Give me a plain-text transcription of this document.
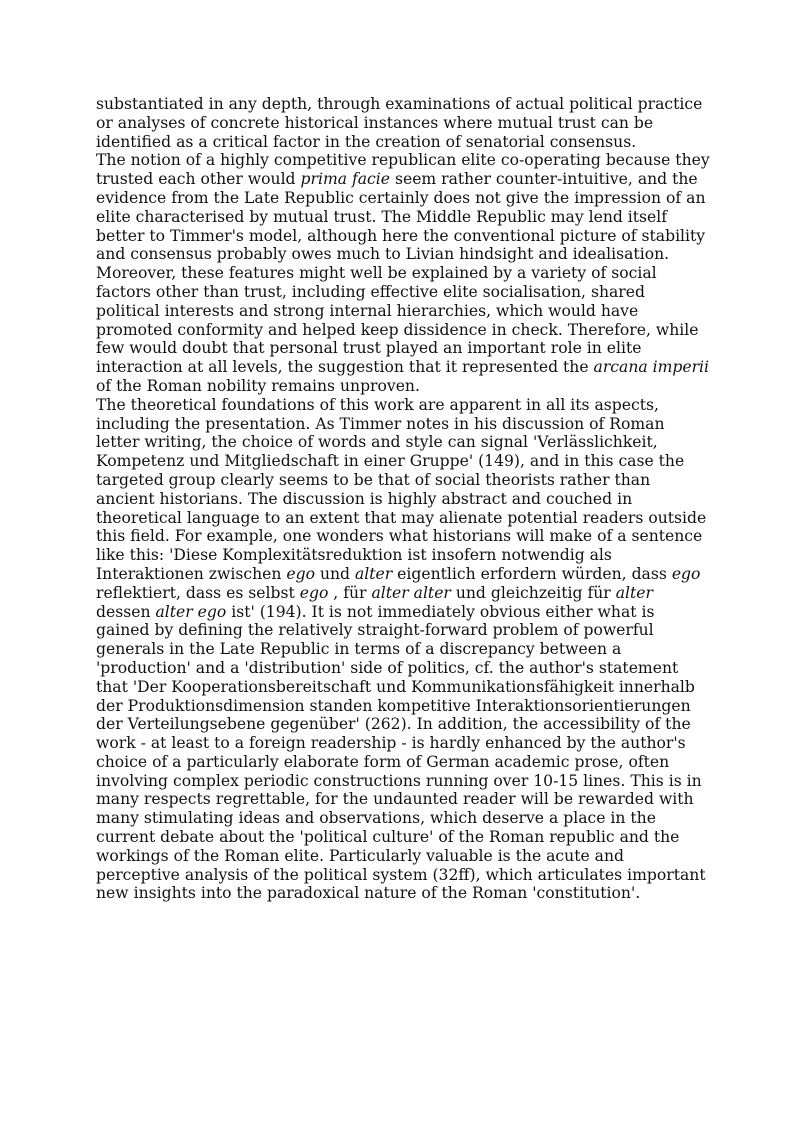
substantiated in any depth, through examinations of actual political practice or analyses of concrete historical instances where mutual trust can be identified as a critical factor in the creation of senatorial consensus.

The notion of a highly competitive republican elite co-operating because they trusted each other would prima facie seem rather counter-intuitive, and the evidence from the Late Republic certainly does not give the impression of an elite characterised by mutual trust. The Middle Republic may lend itself better to Timmer's model, although here the conventional picture of stability and consensus probably owes much to Livian hindsight and idealisation. Moreover, these features might well be explained by a variety of social factors other than trust, including effective elite socialisation, shared political interests and strong internal hierarchies, which would have promoted conformity and helped keep dissidence in check. Therefore, while few would doubt that personal trust played an important role in elite interaction at all levels, the suggestion that it represented the arcana imperii of the Roman nobility remains unproven.

The theoretical foundations of this work are apparent in all its aspects, including the presentation. As Timmer notes in his discussion of Roman letter writing, the choice of words and style can signal 'Verlässlichkeit, Kompetenz und Mitgliedschaft in einer Gruppe' (149), and in this case the targeted group clearly seems to be that of social theorists rather than ancient historians. The discussion is highly abstract and couched in theoretical language to an extent that may alienate potential readers outside this field. For example, one wonders what historians will make of a sentence like this: 'Diese Komplexitätsreduktion ist insofern notwendig als Interaktionen zwischen ego und alter eigentlich erfordern würden, dass ego reflektiert, dass es selbst ego , für alter alter und gleichzeitig für alter dessen alter ego ist' (194). It is not immediately obvious either what is gained by defining the relatively straight-forward problem of powerful generals in the Late Republic in terms of a discrepancy between a 'production' and a 'distribution' side of politics, cf. the author's statement that 'Der Kooperationsbereitschaft und Kommunikationsfähigkeit innerhalb der Produktionsdimension standen kompetitive Interaktionsorientierungen der Verteilungsebene gegenüber' (262). In addition, the accessibility of the work - at least to a foreign readership - is hardly enhanced by the author's choice of a particularly elaborate form of German academic prose, often involving complex periodic constructions running over 10-15 lines. This is in many respects regrettable, for the undaunted reader will be rewarded with many stimulating ideas and observations, which deserve a place in the current debate about the 'political culture' of the Roman republic and the workings of the Roman elite. Particularly valuable is the acute and perceptive analysis of the political system (32ff), which articulates important new insights into the paradoxical nature of the Roman 'constitution'.
